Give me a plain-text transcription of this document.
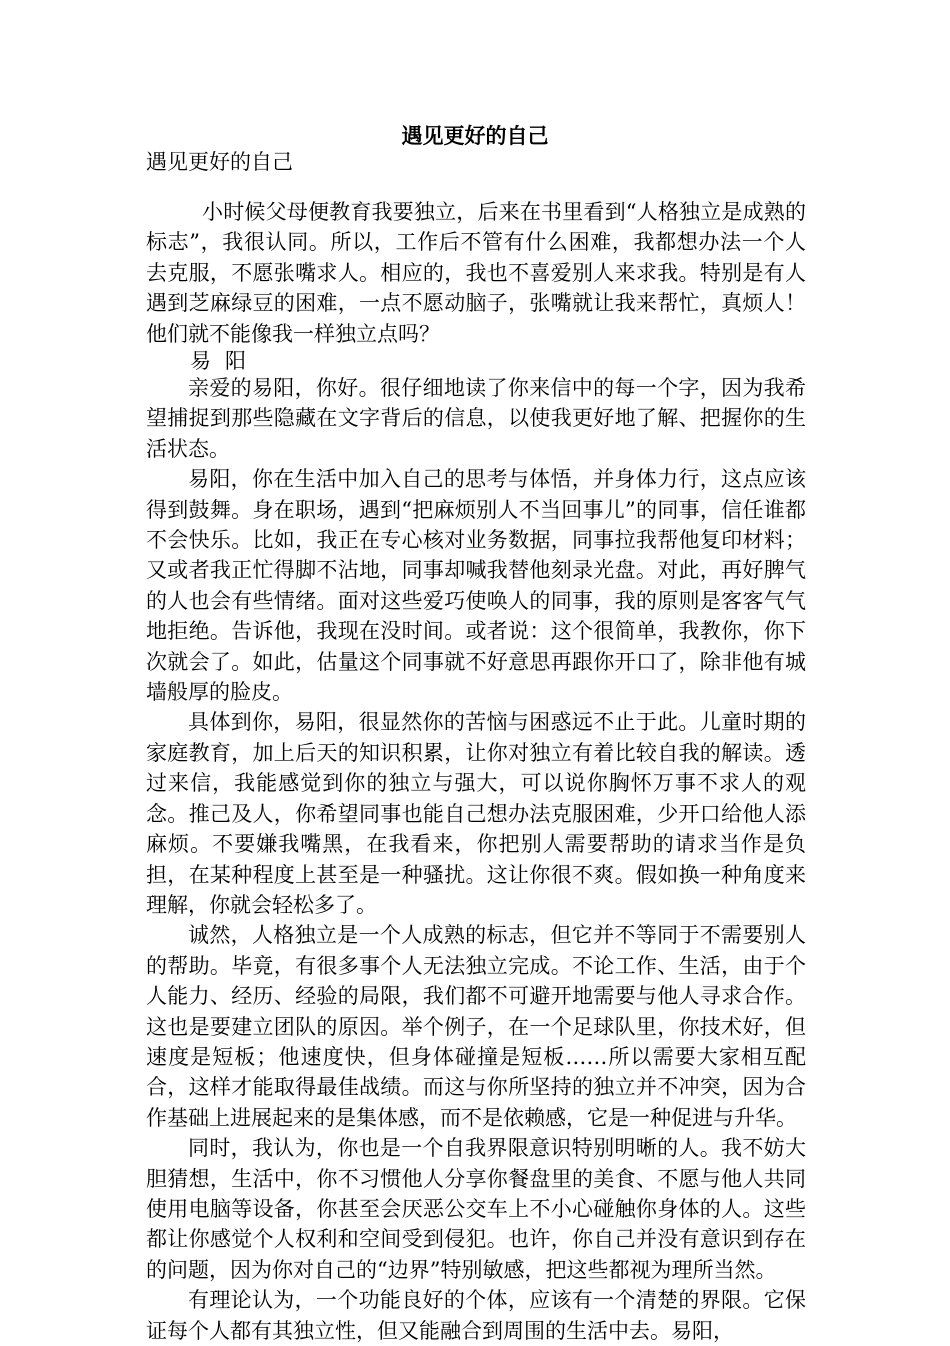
遇见更好的自己
遇见更好的自己
小时候父母便教育我要独立，后来在书里看到“人格独立是成熟的标志”，我很认同。所以，工作后不管有什么困难，我都想办法一个人去克服，不愿张嘴求人。相应的，我也不喜爱别人来求我。特别是有人遇到芝麻绿豆的困难，一点不愿动脑子，张嘴就让我来帮忙，真烦人！他们就不能像我一样独立点吗？
易阳

亲爱的易阳，你好。很仔细地读了你来信中的每一个字，因为我希望捕捉到那些隐藏在文字背后的信息，以使我更好地了解、把握你的生活状态。

易阳，你在生活中加入自己的思考与体悟，并身体力行，这点应该得到鼓舞。身在职场，遇到“把麻烦别人不当回事儿”的同事，信任谁都不会快乐。比如，我正在专心核对业务数据，同事拉我帮他复印材料；又或者我正忙得脚不沾地，同事却喊我替他刻录光盘。对此，再好脾气的人也会有些情绪。面对这些爱巧使唤人的同事，我的原则是客客气气地拒绝。告诉他，我现在没时间。或者说：这个很简单，我教你，你下次就会了。如此，估量这个同事就不好意思再跟你开口了，除非他有城墙般厚的脸皮。

具体到你，易阳，很显然你的苦恼与困惑远不止于此。儿童时期的家庭教育，加上后天的知识积累，让你对独立有着比较自我的解读。透过来信，我能感觉到你的独立与强大，可以说你胸怀万事不求人的观念。推己及人，你希望同事也能自己想办法克服困难，少开口给他人添麻烦。不要嫌我嘴黑，在我看来，你把别人需要帮助的请求当作是负担，在某种程度上甚至是一种骚扰。这让你很不爽。假如换一种角度来理解，你就会轻松多了。

诚然，人格独立是一个人成熟的标志，但它并不等同于不需要别人的帮助。毕竟，有很多事个人无法独立完成。不论工作、生活，由于个人能力、经历、经验的局限，我们都不可避开地需要与他人寻求合作。这也是要建立团队的原因。举个例子，在一个足球队里，你技术好，但速度是短板；他速度快，但身体碰撞是短板……所以需要大家相互配合，这样才能取得最佳战绩。而这与你所坚持的独立并不冲突，因为合作基础上进展起来的是集体感，而不是依赖感，它是一种促进与升华。

同时，我认为，你也是一个自我界限意识特别明晰的人。我不妨大胆猜想，生活中，你不习惯他人分享你餐盘里的美食、不愿与他人共同使用电脑等设备，你甚至会厌恶公交车上不小心碰触你身体的人。这些都让你感觉个人权利和空间受到侵犯。也许，你自己并没有意识到存在的问题，因为你对自己的“边界”特别敏感，把这些都视为理所当然。

有理论认为，一个功能良好的个体，应该有一个清楚的界限。它保证每个人都有其独立性，但又能融合到周围的生活中去。易阳，
